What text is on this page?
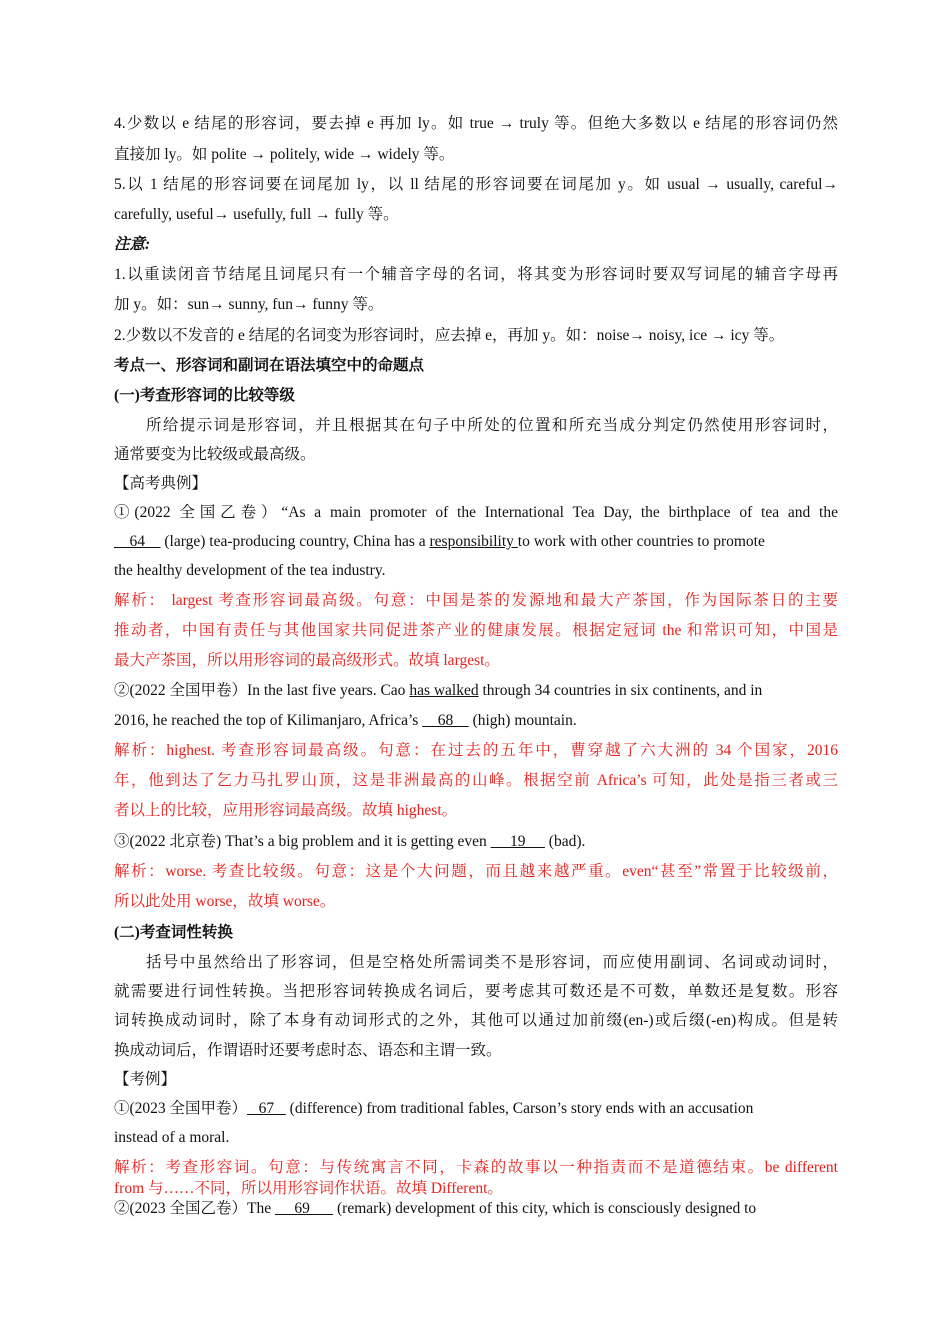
4.少数以 e 结尾的形容词，要去掉 e 再加 ly。如 true → truly 等。但绝大多数以 e 结尾的形容词仍然
直接加 ly。如 polite → politely, wide → widely 等。
5.以 1 结尾的形容词要在词尾加 ly，以 ll 结尾的形容词要在词尾加 y。如 usual → usually, careful→
carefully, useful→ usefully, full → fully 等。
注意:
1.以重读闭音节结尾且词尾只有一个辅音字母的名词，将其变为形容词时要双写词尾的辅音字母再
加 y。如：sun→ sunny, fun→ funny 等。
2.少数以不发音的 e 结尾的名词变为形容词时，应去掉 e，再加 y。如：noise→ noisy, ice → icy 等。
考点一、形容词和副词在语法填空中的命题点
(一)考查形容词的比较等级
所给提示词是形容词，并且根据其在句子中所处的位置和所充当成分判定仍然使用形容词时，
通常要变为比较级或最高级。
【高考典例】
①(2022 全国乙卷）“As a main promoter of the International Tea Day, the birthplace of tea and the
64     (large) tea-producing country, China has a responsibility to work with other countries to promote
the healthy development of the tea industry.
解析： largest 考查形容词最高级。句意：中国是茶的发源地和最大产茶国，作为国际茶日的主要
推动者，中国有责任与其他国家共同促进茶产业的健康发展。根据定冠词 the 和常识可知，中国是
最大产茶国，所以用形容词的最高级形式。故填 largest。
②(2022 全国甲卷）In the last five years. Cao has walked through 34 countries in six continents, and in
2016, he reached the top of Kilimanjaro, Africa’s     68     (high) mountain.
解析：highest. 考查形容词最高级。句意：在过去的五年中，曹穿越了六大洲的 34 个国家，2016
年，他到达了乞力马扎罗山顶，这是非洲最高的山峰。根据空前 Africa’s 可知，此处是指三者或三
者以上的比较，应用形容词最高级。故填 highest。
③(2022 北京卷) That’s a big problem and it is getting even      19      (bad).
解析：worse. 考查比较级。句意：这是个大问题，而且越来越严重。even“甚至”常置于比较级前，
所以此处用 worse，故填 worse。
(二)考查词性转换
括号中虽然给出了形容词，但是空格处所需词类不是形容词，而应使用副词、名词或动词时，
就需要进行词性转换。当把形容词转换成名词后，要考虑其可数还是不可数，单数还是复数。形容
词转换成动词时，除了本身有动词形式的之外，其他可以通过加前缀(en-)或后缀(-en)构成。但是转
换成动词后，作谓语时还要考虑时态、语态和主谓一致。
【考例】
①(2023 全国甲卷）   67    (difference) from traditional fables, Carson’s story ends with an accusation
instead of a moral.
解析：考查形容词。句意：与传统寓言不同，卡森的故事以一种指责而不是道德结束。be different
from 与……不同，所以用形容词作状语。故填 Different。
②(2023 全国乙卷）The      69       (remark) development of this city, which is consciously designed to
